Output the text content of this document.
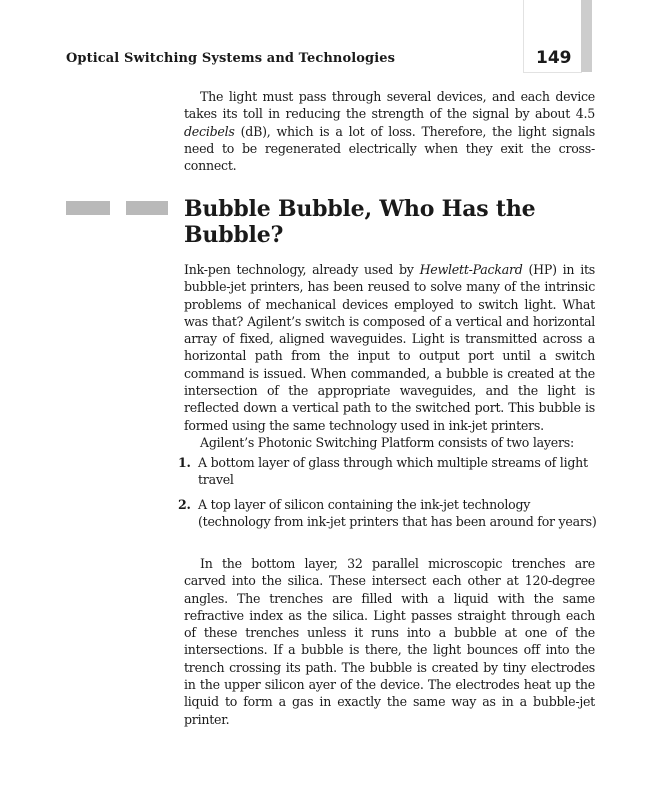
Optical Switching Systems and Technologies	149

The light must pass through several devices, and each device takes its toll in reducing the strength of the signal by about 4.5 decibels (dB), which is a lot of loss. Therefore, the light signals need to be regenerated electrically when they exit the cross-connect.

Bubble Bubble, Who Has the Bubble?

Ink-pen technology, already used by Hewlett-Packard (HP) in its bubble-jet printers, has been reused to solve many of the intrinsic problems of mechanical devices employed to switch light. What was that? Agilent’s switch is composed of a vertical and horizontal array of fixed, aligned waveguides. Light is transmitted across a horizontal path from the input to output port until a switch command is issued. When commanded, a bubble is created at the intersection of the appropriate waveguides, and the light is reflected down a vertical path to the switched port. This bubble is formed using the same technology used in ink-jet printers.

Agilent’s Photonic Switching Platform consists of two layers:

1. A bottom layer of glass through which multiple streams of light travel
2. A top layer of silicon containing the ink-jet technology (technology from ink-jet printers that has been around for years)

In the bottom layer, 32 parallel microscopic trenches are carved into the silica. These intersect each other at 120-degree angles. The trenches are filled with a liquid with the same refractive index as the silica. Light passes straight through each of these trenches unless it runs into a bubble at one of the intersections. If a bubble is there, the light bounces off into the trench crossing its path. The bubble is created by tiny electrodes in the upper silicon ayer of the device. The electrodes heat up the liquid to form a gas in exactly the same way as in a bubble-jet printer.
